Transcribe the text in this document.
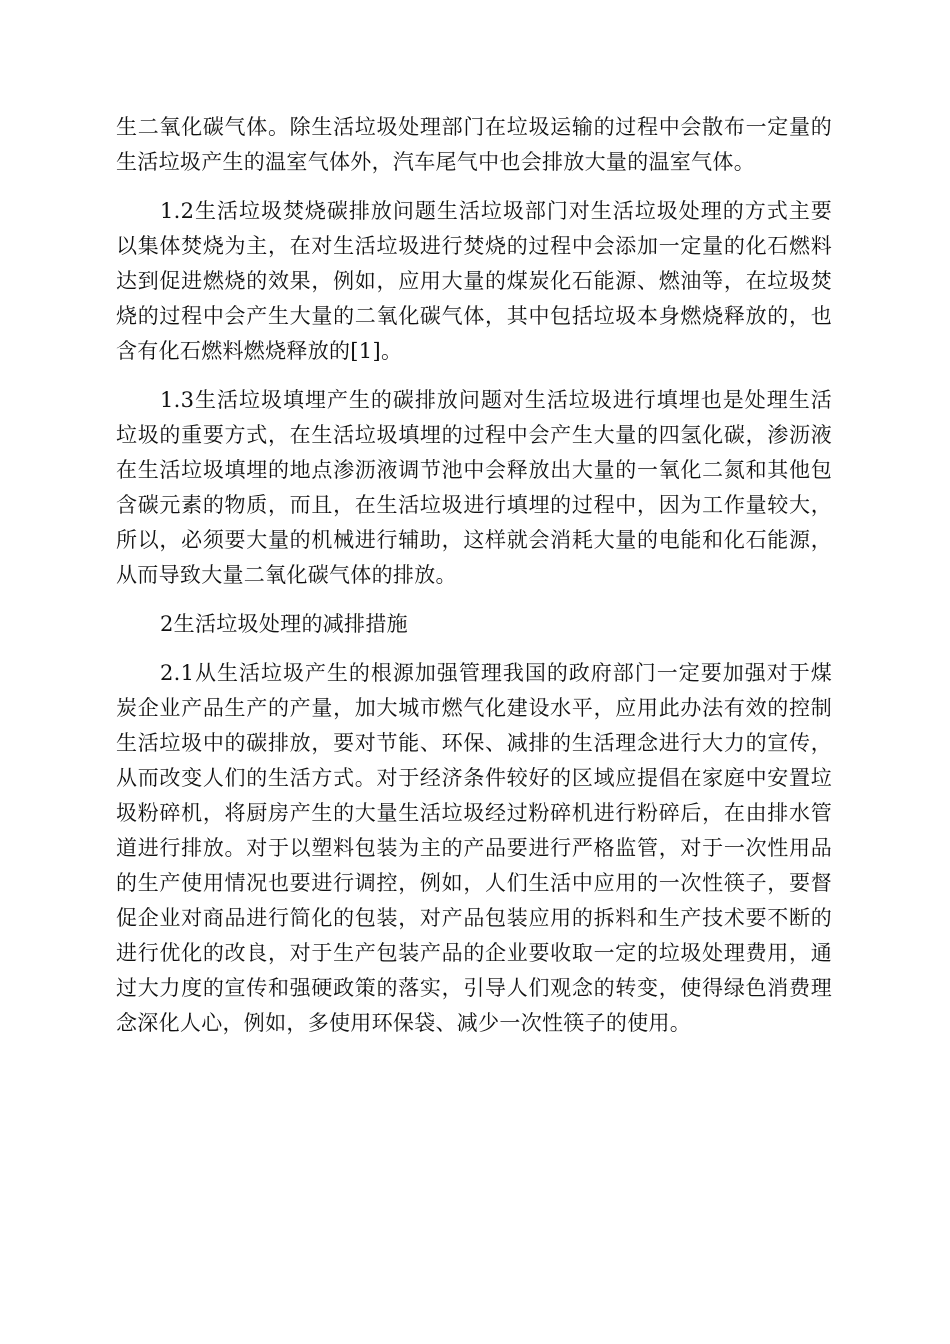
生二氧化碳气体。除生活垃圾处理部门在垃圾运输的过程中会散布一定量的生活垃圾产生的温室气体外，汽车尾气中也会排放大量的温室气体。

1.2生活垃圾焚烧碳排放问题生活垃圾部门对生活垃圾处理的方式主要以集体焚烧为主，在对生活垃圾进行焚烧的过程中会添加一定量的化石燃料达到促进燃烧的效果，例如，应用大量的煤炭化石能源、燃油等，在垃圾焚烧的过程中会产生大量的二氧化碳气体，其中包括垃圾本身燃烧释放的，也含有化石燃料燃烧释放的[1]。

1.3生活垃圾填埋产生的碳排放问题对生活垃圾进行填埋也是处理生活垃圾的重要方式，在生活垃圾填埋的过程中会产生大量的四氢化碳，渗沥液在生活垃圾填埋的地点渗沥液调节池中会释放出大量的一氧化二氮和其他包含碳元素的物质，而且，在生活垃圾进行填埋的过程中，因为工作量较大，所以，必须要大量的机械进行辅助，这样就会消耗大量的电能和化石能源，从而导致大量二氧化碳气体的排放。

2生活垃圾处理的减排措施

2.1从生活垃圾产生的根源加强管理我国的政府部门一定要加强对于煤炭企业产品生产的产量，加大城市燃气化建设水平，应用此办法有效的控制生活垃圾中的碳排放，要对节能、环保、减排的生活理念进行大力的宣传，从而改变人们的生活方式。对于经济条件较好的区域应提倡在家庭中安置垃圾粉碎机，将厨房产生的大量生活垃圾经过粉碎机进行粉碎后，在由排水管道进行排放。对于以塑料包装为主的产品要进行严格监管，对于一次性用品的生产使用情况也要进行调控，例如，人们生活中应用的一次性筷子，要督促企业对商品进行简化的包装，对产品包装应用的拆料和生产技术要不断的进行优化的改良，对于生产包装产品的企业要收取一定的垃圾处理费用，通过大力度的宣传和强硬政策的落实，引导人们观念的转变，使得绿色消费理念深化人心，例如，多使用环保袋、减少一次性筷子的使用。
